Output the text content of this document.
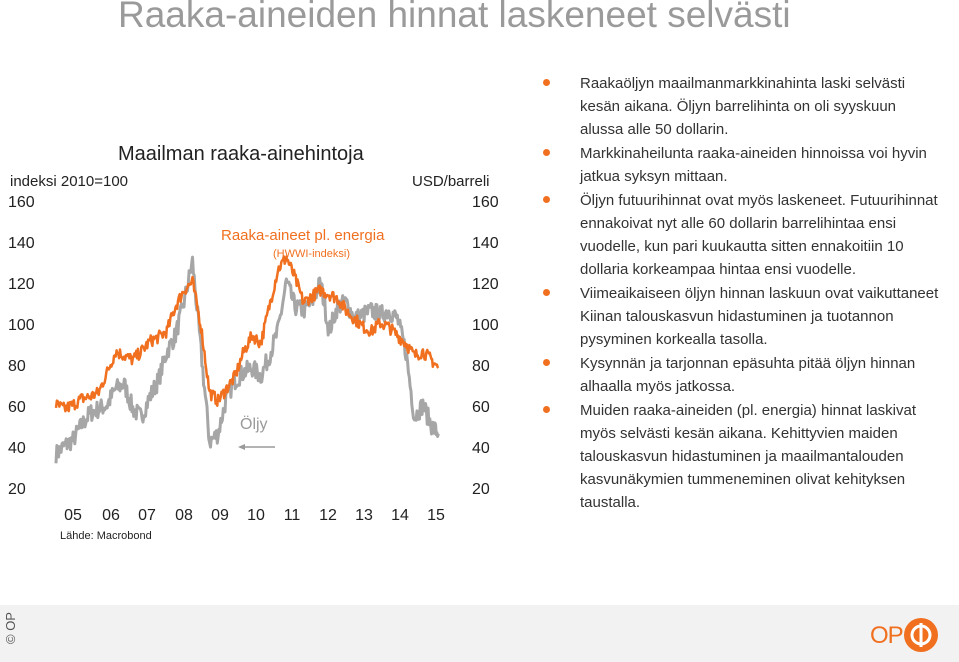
Raaka-aineiden hinnat laskeneet selvästi
Maailman raaka-ainehintoja
indeksi 2010=100	USD/barreli
160
140
120
100
80
60
40
20
160
140
120
100
80
60
40
20
05	06	07	08	09	10	11	12	13	14	15
Raaka-aineet pl. energia
(HWWI-indeksi)
Öljy
Lähde: Macrobond
Raakaöljyn maailmanmarkkinahinta laski selvästi kesän aikana. Öljyn barrelihinta on oli syyskuun alussa alle 50 dollarin.
Markkinaheilunta raaka-aineiden hinnoissa voi hyvin jatkua syksyn mittaan.
Öljyn futuurihinnat ovat myös laskeneet. Futuurihinnat ennakoivat nyt alle 60 dollarin barrelihintaa ensi vuodelle, kun pari kuukautta sitten ennakoitiin 10 dollaria korkeampaa hintaa ensi vuodelle.
Viimeaikaiseen öljyn hinnan laskuun ovat vaikuttaneet Kiinan talouskasvun hidastuminen ja tuotannon pysyminen korkealla tasolla.
Kysynnän ja tarjonnan epäsuhta pitää öljyn hinnan alhaalla myös jatkossa.
Muiden raaka-aineiden (pl. energia) hinnat laskivat myös selvästi kesän aikana. Kehittyvien maiden talouskasvun hidastuminen ja maailmantalouden kasvunäkymien tummeneminen olivat kehityksen taustalla.
© OP	OP
